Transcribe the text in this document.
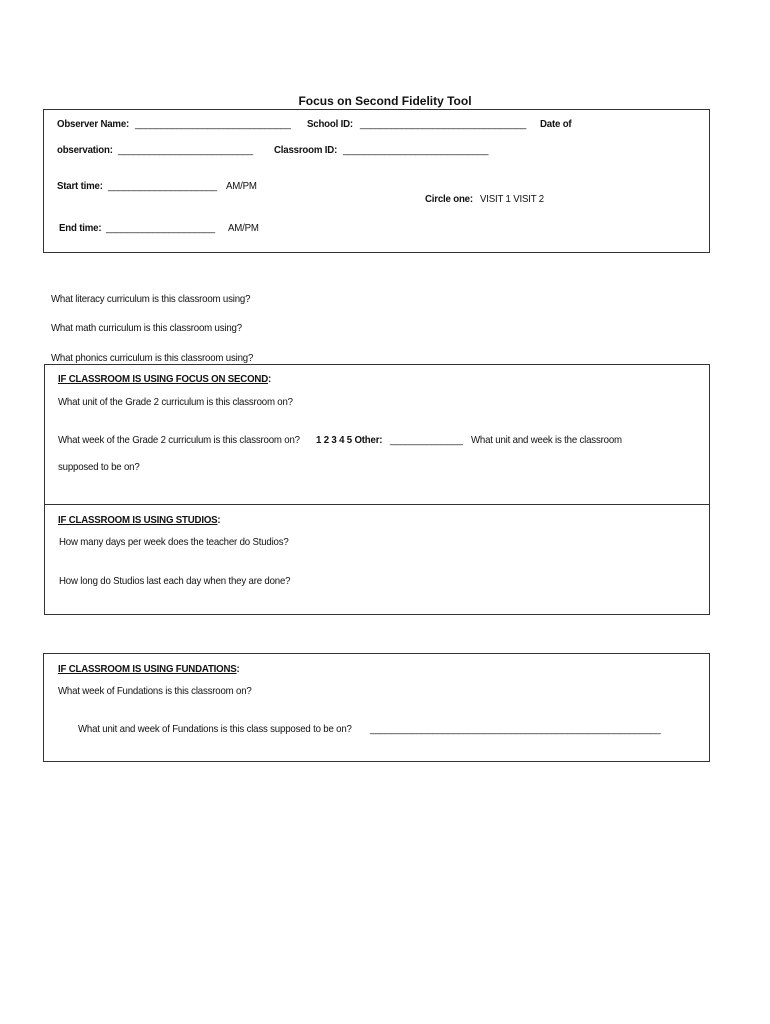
Focus on Second Fidelity Tool
Observer Name: ______________________________ School ID: ________________________________ Date of
observation: __________________________ Classroom ID: ____________________________
Start time: _____________________ AM/PM
Circle one: VISIT 1 VISIT 2
End time: _____________________ AM/PM
What literacy curriculum is this classroom using?
What math curriculum is this classroom using?
What phonics curriculum is this classroom using?
IF CLASSROOM IS USING FOCUS ON SECOND:
What unit of the Grade 2 curriculum is this classroom on?
What week of the Grade 2 curriculum is this classroom on? 1 2 3 4 5 Other: ______________ What unit and week is the classroom
supposed to be on?
IF CLASSROOM IS USING STUDIOS:
How many days per week does the teacher do Studios?
How long do Studios last each day when they are done?
IF CLASSROOM IS USING FUNDATIONS:
What week of Fundations is this classroom on?
What unit and week of Fundations is this class supposed to be on? ________________________________________________________
